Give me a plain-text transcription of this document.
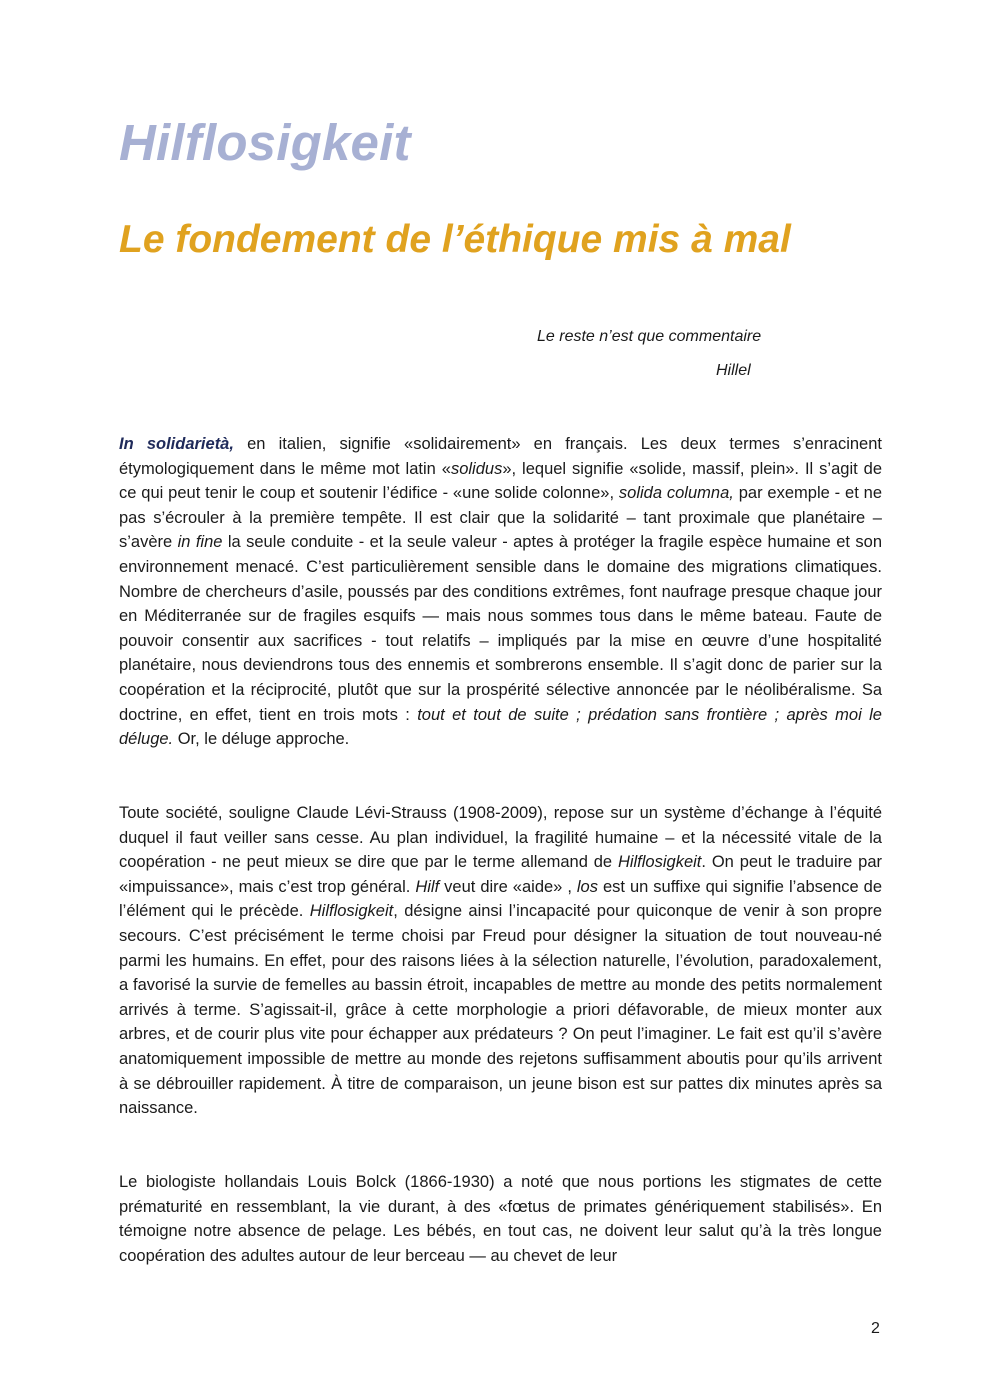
Hilflosigkeit
Le fondement de l’éthique mis à mal

Le reste n’est que commentaire

Hillel

In solidarietà, en italien, signifie «solidairement» en français. Les deux termes s’enracinent étymologiquement dans le même mot latin «solidus», lequel signifie «solide, massif, plein». Il s’agit de ce qui peut tenir le coup et soutenir l’édifice - «une solide colonne», solida columna, par exemple - et ne pas s’écrouler à la première tempête. Il est clair que la solidarité – tant proximale que planétaire – s’avère in fine la seule conduite - et la seule valeur - aptes à protéger la fragile espèce humaine et son environnement menacé. C’est particulièrement sensible dans le domaine des migrations climatiques. Nombre de chercheurs d’asile, poussés par des conditions extrêmes, font naufrage presque chaque jour en Méditerranée sur de fragiles esquifs — mais nous sommes tous dans le même bateau. Faute de pouvoir consentir aux sacrifices - tout relatifs – impliqués par la mise en œuvre d’une hospitalité planétaire, nous deviendrons tous des ennemis et sombrerons ensemble. Il s’agit donc de parier sur la coopération et la réciprocité, plutôt que sur la prospérité sélective annoncée par le néolibéralisme. Sa doctrine, en effet, tient en trois mots : tout et tout de suite ; prédation sans frontière ; après moi le déluge. Or, le déluge approche.

Toute société, souligne Claude Lévi-Strauss (1908-2009), repose sur un système d’échange à l’équité duquel il faut veiller sans cesse. Au plan individuel, la fragilité humaine – et la nécessité vitale de la coopération - ne peut mieux se dire que par le terme allemand de Hilflosigkeit. On peut le traduire par «impuissance», mais c’est trop général. Hilf veut dire «aide» , los est un suffixe qui signifie l’absence de l’élément qui le précède. Hilflosigkeit, désigne ainsi l’incapacité pour quiconque de venir à son propre secours. C’est précisément le terme choisi par Freud pour désigner la situation de tout nouveau-né parmi les humains. En effet, pour des raisons liées à la sélection naturelle, l’évolution, paradoxalement, a favorisé la survie de femelles au bassin étroit, incapables de mettre au monde des petits normalement arrivés à terme. S’agissait-il, grâce à cette morphologie a priori défavorable, de mieux monter aux arbres, et de courir plus vite pour échapper aux prédateurs ? On peut l’imaginer. Le fait est qu’il s’avère anatomiquement impossible de mettre au monde des rejetons suffisamment aboutis pour qu’ils arrivent à se débrouiller rapidement. À titre de comparaison, un jeune bison est sur pattes dix minutes après sa naissance.

Le biologiste hollandais Louis Bolck (1866-1930) a noté que nous portions les stigmates de cette prématurité en ressemblant, la vie durant, à des «fœtus de primates génériquement stabilisés». En témoigne notre absence de pelage. Les bébés, en tout cas, ne doivent leur salut qu’à la très longue coopération des adultes autour de leur berceau — au chevet de leur

2
